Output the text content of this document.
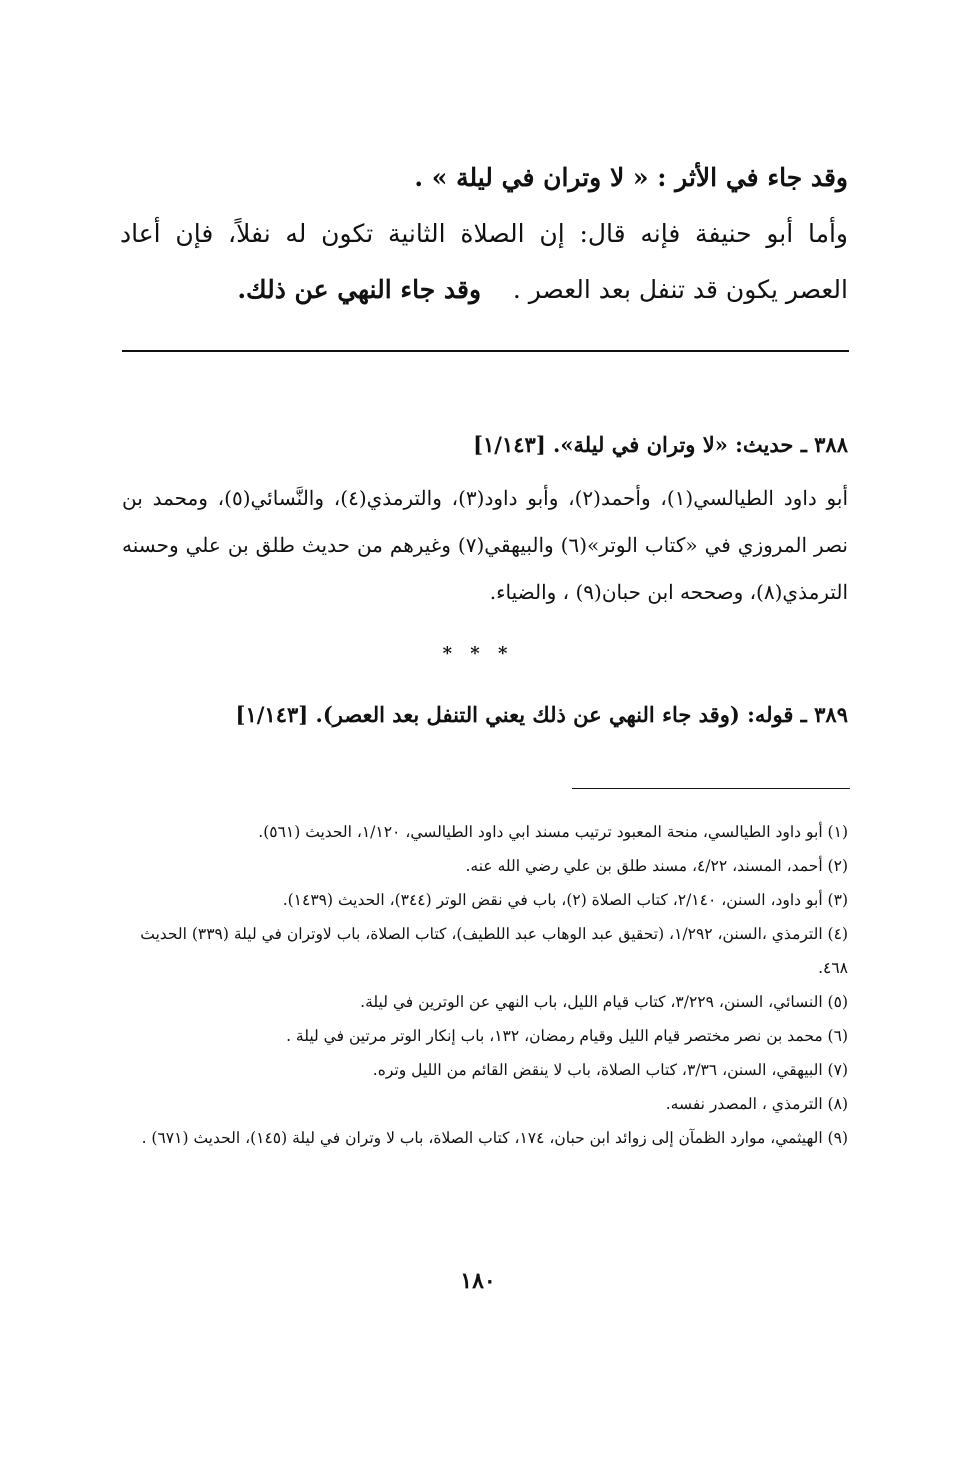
وقد جاء في الأثر : « لا وتران في ليلة » .

وأما أبو حنيفة فإنه قال: إن الصلاة الثانية تكون له نفلاً، فإن أعاد

العصر يكون قد تنفل بعد العصر .    وقد جاء النهي عن ذلك.

٣٨٨ ـ حديث: «لا وتران في ليلة». [١/١٤٣]

أبو داود الطيالسي(١)، وأحمد(٢)، وأبو داود(٣)، والترمذي(٤)، والنَّسائي(٥)، ومحمد بن نصر المروزي في «كتاب الوتر»(٦) والبيهقي(٧) وغيرهم من حديث طلق بن علي وحسنه الترمذي(٨)، وصححه ابن حبان(٩) ، والضياء.

* * *

٣٨٩ ـ قوله: (وقد جاء النهي عن ذلك يعني التنفل بعد العصر). [١/١٤٣]

(١) أبو داود الطيالسي، منحة المعبود ترتيب مسند ابي داود الطيالسي، ١/١٢٠، الحديث (٥٦١).

(٢) أحمد، المسند، ٤/٢٢، مسند طلق بن علي رضي الله عنه.

(٣) أبو داود، السنن، ٢/١٤٠، كتاب الصلاة (٢)، باب في نقض الوتر (٣٤٤)، الحديث (١٤٣٩).

(٤) الترمذي ،السنن، ١/٢٩٢، (تحقيق عبد الوهاب عبد اللطيف)، كتاب الصلاة، باب لاوتران في ليلة (٣٣٩) الحديث ٤٦٨.

(٥) النسائي، السنن، ٣/٢٢٩، كتاب قيام الليل، باب النهي عن الوترين في ليلة.

(٦) محمد بن نصر مختصر قيام الليل وقيام رمضان، ١٣٢، باب إنكار الوتر مرتين في ليلة .

(٧) البيهقي، السنن، ٣/٣٦، كتاب الصلاة، باب لا ينقض القائم من الليل وتره.

(٨) الترمذي ، المصدر نفسه.

(٩) الهيثمي، موارد الظمآن إلى زوائد ابن حبان، ١٧٤، كتاب الصلاة، باب لا وتران في ليلة (١٤٥)، الحديث (٦٧١) .

١٨٠
